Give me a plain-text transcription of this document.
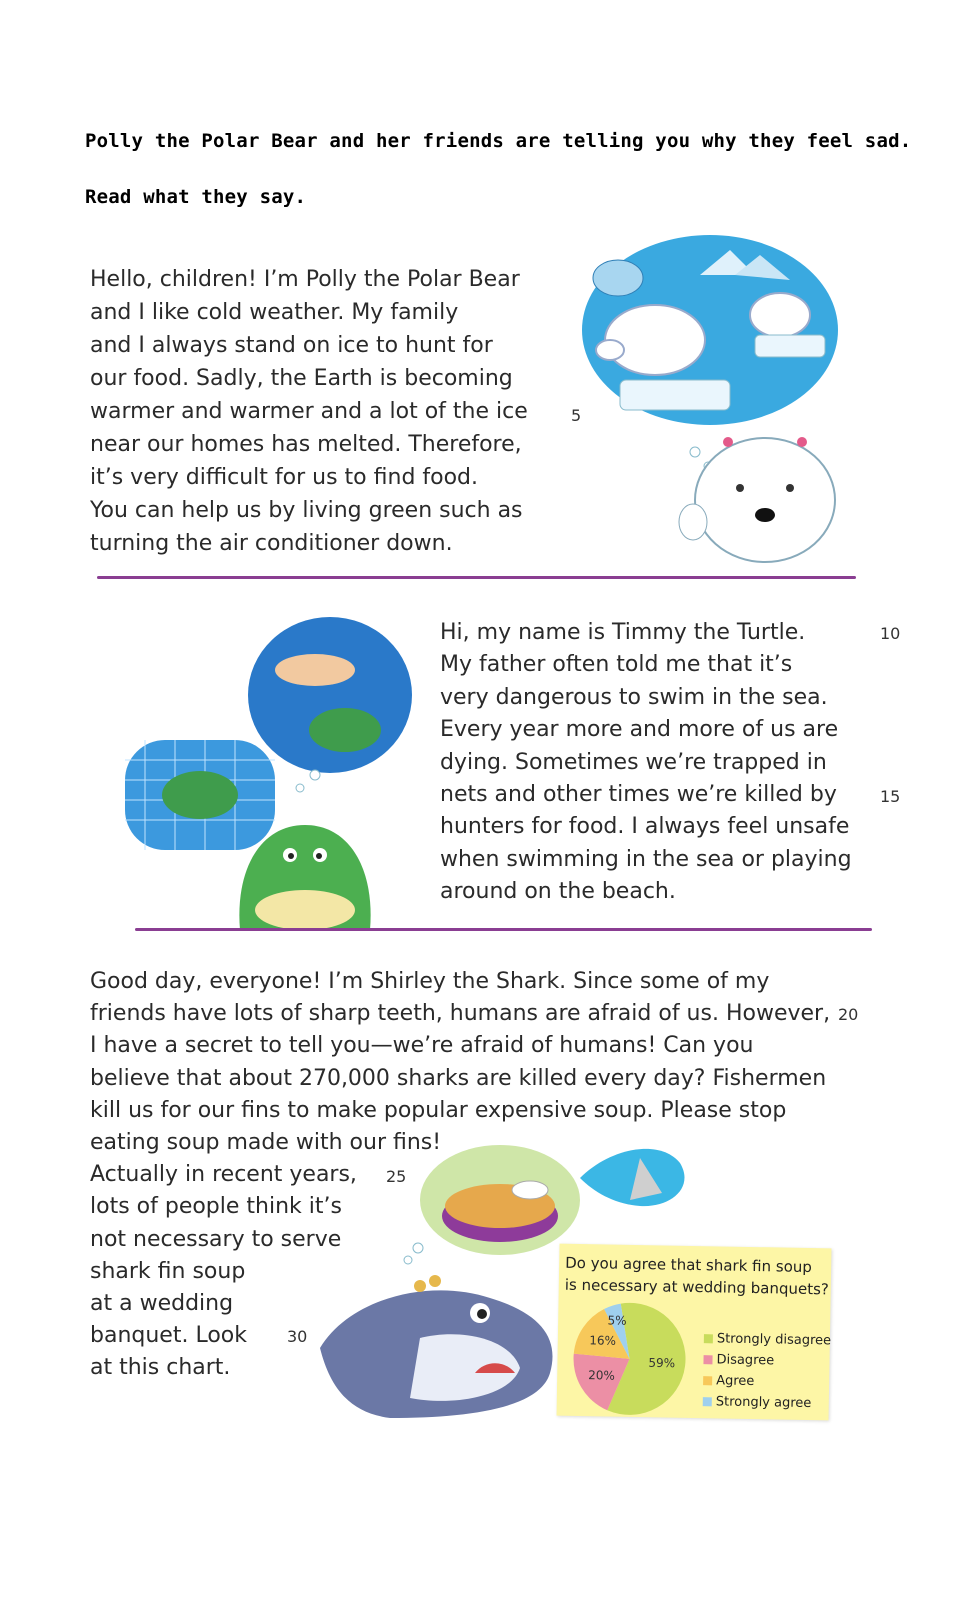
Polly the Polar Bear and her friends are telling you why they feel sad.
Read what they say.
Hello, children! I’m Polly the Polar Bear
and I like cold weather. My family
and I always stand on ice to hunt for
our food. Sadly, the Earth is becoming
warmer and warmer and a lot of the ice
near our homes has melted. Therefore,
it’s very difficult for us to find food.
You can help us by living green such as
turning the air conditioner down.
5
Hi, my name is Timmy the Turtle.
My father often told me that it’s
very dangerous to swim in the sea.
Every year more and more of us are
dying. Sometimes we’re trapped in
nets and other times we’re killed by
hunters for food. I always feel unsafe
when swimming in the sea or playing
around on the beach.
10
15
Good day, everyone! I’m Shirley the Shark. Since some of my
friends have lots of sharp teeth, humans are afraid of us. However,
I have a secret to tell you—we’re afraid of humans! Can you
believe that about 270,000 sharks are killed every day? Fishermen
kill us for our fins to make popular expensive soup. Please stop
eating soup made with our fins!
Actually in recent years,
lots of people think it’s
not necessary to serve
shark fin soup
at a wedding
banquet. Look
at this chart.
20
25
30
Do you agree that shark fin soup
is necessary at wedding banquets?
59%
20%
16%
5%
Strongly disagree
Disagree
Agree
Strongly agree
